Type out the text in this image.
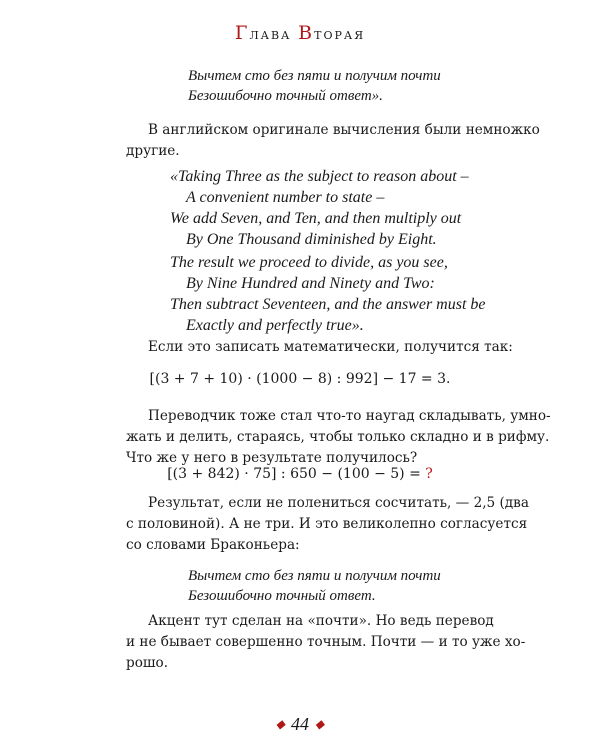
Глава Вторая
Вычтем сто без пяти и получим почти
Безошибочно точный ответ».
В английском оригинале вычисления были немножко
другие.
«Taking Three as the subject to reason about –
A convenient number to state –
We add Seven, and Ten, and then multiply out
By One Thousand diminished by Eight.
The result we proceed to divide, as you see,
By Nine Hundred and Ninety and Two:
Then subtract Seventeen, and the answer must be
Exactly and perfectly true».
Если это записать математически, получится так:
[(3 + 7 + 10) · (1000 − 8) : 992] − 17 = 3.
Переводчик тоже стал что-то наугад складывать, умно-
жать и делить, стараясь, чтобы только складно и в рифму.
Что же у него в результате получилось?
[(3 + 842) · 75] : 650 − (100 − 5) = ?
Результат, если не полениться сосчитать, — 2,5 (два
с половиной). А не три. И это великолепно согласуется
со словами Браконьера:
Вычтем сто без пяти и получим почти
Безошибочно точный ответ.
Акцент тут сделан на «почти». Но ведь перевод
и не бывает совершенно точным. Почти — и то уже хо-
рошо.
◆ 44 ◆
